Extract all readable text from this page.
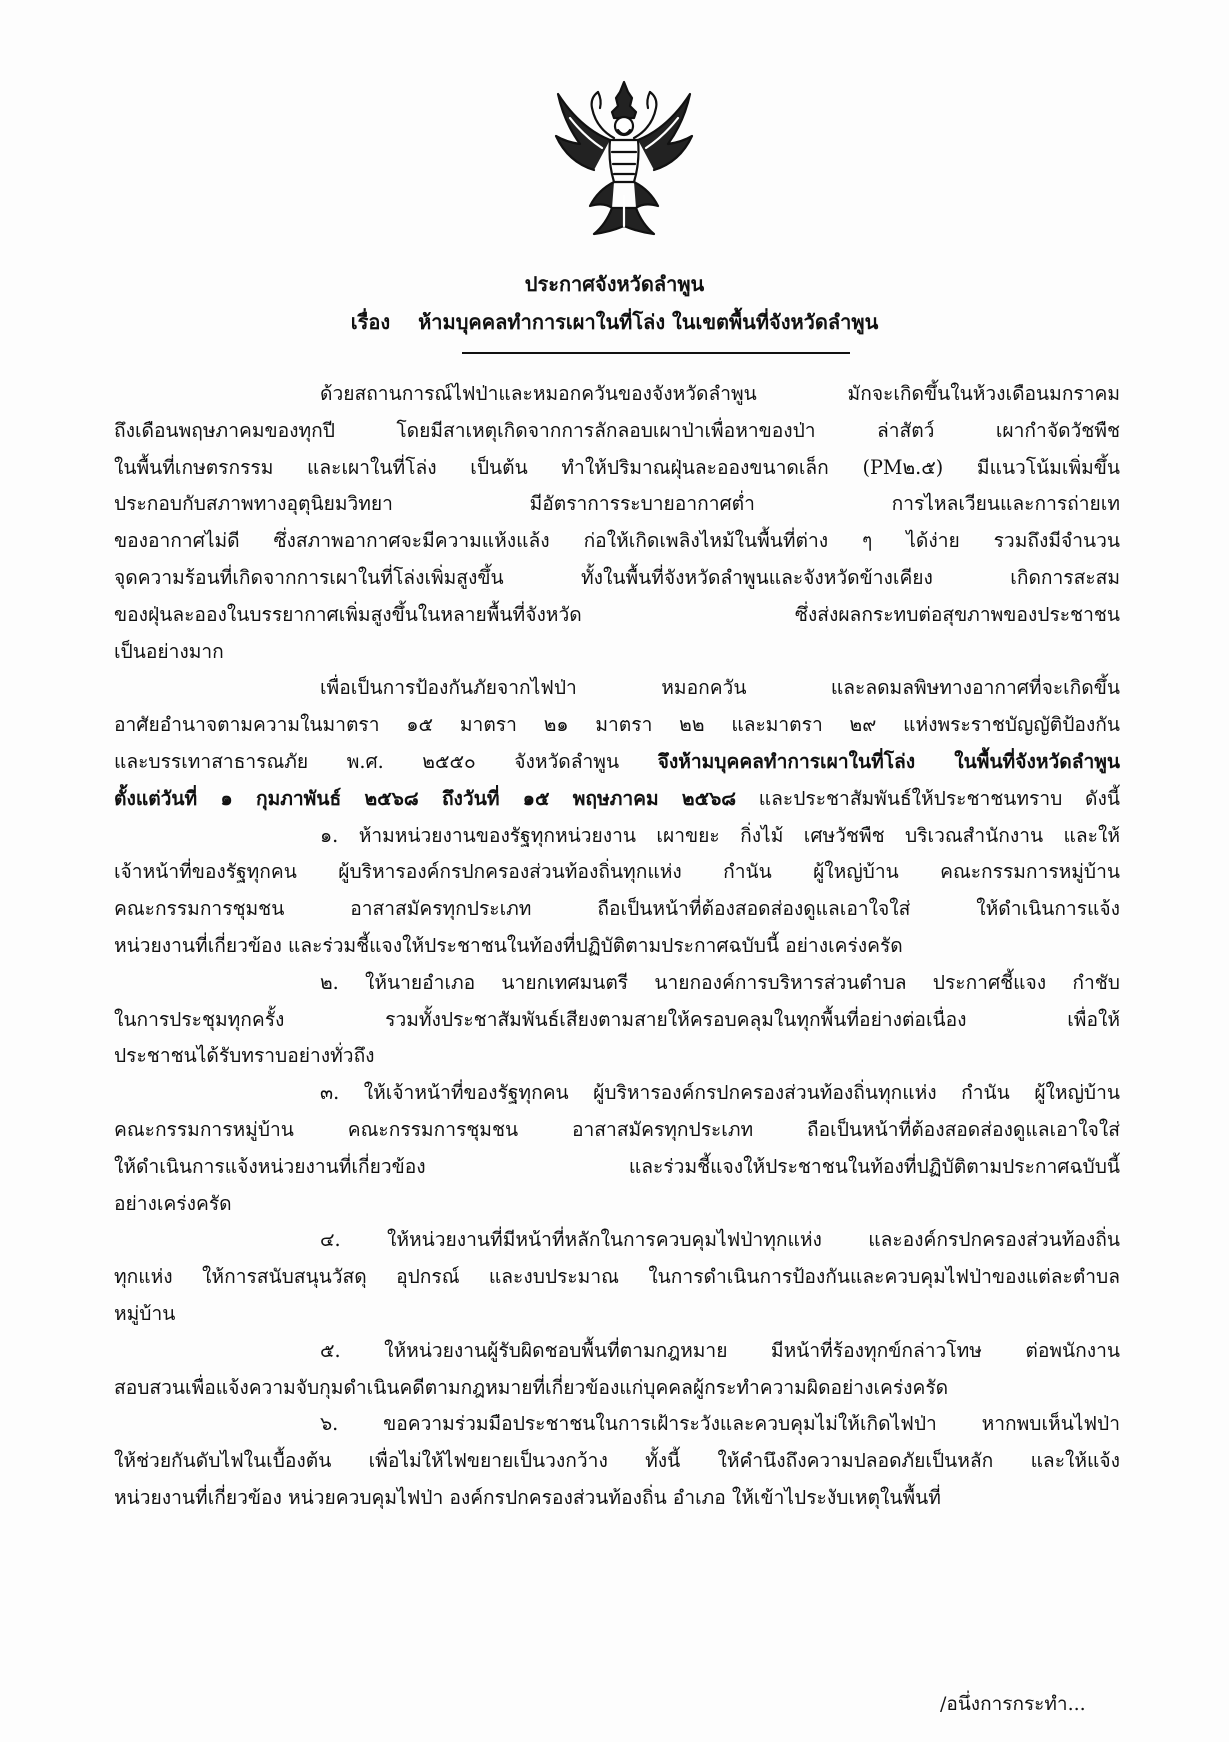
ประกาศจังหวัดลำพูน
เรื่อง ห้ามบุคคลทำการเผาในที่โล่ง ในเขตพื้นที่จังหวัดลำพูน
ด้วยสถานการณ์ไฟป่าและหมอกควันของจังหวัดลำพูน มักจะเกิดขึ้นในห้วงเดือนมกราคม
ถึงเดือนพฤษภาคมของทุกปี โดยมีสาเหตุเกิดจากการลักลอบเผาป่าเพื่อหาของป่า ล่าสัตว์ เผากำจัดวัชพืช
ในพื้นที่เกษตรกรรม และเผาในที่โล่ง เป็นต้น ทำให้ปริมาณฝุ่นละอองขนาดเล็ก (PM๒.๕) มีแนวโน้มเพิ่มขึ้น
ประกอบกับสภาพทางอุตุนิยมวิทยา มีอัตราการระบายอากาศต่ำ การไหลเวียนและการถ่ายเท
ของอากาศไม่ดี ซึ่งสภาพอากาศจะมีความแห้งแล้ง ก่อให้เกิดเพลิงไหม้ในพื้นที่ต่าง ๆ ได้ง่าย รวมถึงมีจำนวน
จุดความร้อนที่เกิดจากการเผาในที่โล่งเพิ่มสูงขึ้น ทั้งในพื้นที่จังหวัดลำพูนและจังหวัดข้างเคียง เกิดการสะสม
ของฝุ่นละอองในบรรยากาศเพิ่มสูงขึ้นในหลายพื้นที่จังหวัด ซึ่งส่งผลกระทบต่อสุขภาพของประชาชน
เป็นอย่างมาก
เพื่อเป็นการป้องกันภัยจากไฟป่า หมอกควัน และลดมลพิษทางอากาศที่จะเกิดขึ้น
อาศัยอำนาจตามความในมาตรา ๑๕ มาตรา ๒๑ มาตรา ๒๒ และมาตรา ๒๙ แห่งพระราชบัญญัติป้องกัน
และบรรเทาสาธารณภัย พ.ศ. ๒๕๕๐ จังหวัดลำพูน จึงห้ามบุคคลทำการเผาในที่โล่ง ในพื้นที่จังหวัดลำพูน
ตั้งแต่วันที่ ๑ กุมภาพันธ์ ๒๕๖๘ ถึงวันที่ ๑๕ พฤษภาคม ๒๕๖๘ และประชาสัมพันธ์ให้ประชาชนทราบ ดังนี้
๑. ห้ามหน่วยงานของรัฐทุกหน่วยงาน เผาขยะ กิ่งไม้ เศษวัชพืช บริเวณสำนักงาน และให้
เจ้าหน้าที่ของรัฐทุกคน ผู้บริหารองค์กรปกครองส่วนท้องถิ่นทุกแห่ง กำนัน ผู้ใหญ่บ้าน คณะกรรมการหมู่บ้าน
คณะกรรมการชุมชน อาสาสมัครทุกประเภท ถือเป็นหน้าที่ต้องสอดส่องดูแลเอาใจใส่ ให้ดำเนินการแจ้ง
หน่วยงานที่เกี่ยวข้อง และร่วมชี้แจงให้ประชาชนในท้องที่ปฏิบัติตามประกาศฉบับนี้ อย่างเคร่งครัด
๒. ให้นายอำเภอ นายกเทศมนตรี นายกองค์การบริหารส่วนตำบล ประกาศชี้แจง กำชับ
ในการประชุมทุกครั้ง รวมทั้งประชาสัมพันธ์เสียงตามสายให้ครอบคลุมในทุกพื้นที่อย่างต่อเนื่อง เพื่อให้
ประชาชนได้รับทราบอย่างทั่วถึง
๓. ให้เจ้าหน้าที่ของรัฐทุกคน ผู้บริหารองค์กรปกครองส่วนท้องถิ่นทุกแห่ง กำนัน ผู้ใหญ่บ้าน
คณะกรรมการหมู่บ้าน คณะกรรมการชุมชน อาสาสมัครทุกประเภท ถือเป็นหน้าที่ต้องสอดส่องดูแลเอาใจใส่
ให้ดำเนินการแจ้งหน่วยงานที่เกี่ยวข้อง และร่วมชี้แจงให้ประชาชนในท้องที่ปฏิบัติตามประกาศฉบับนี้
อย่างเคร่งครัด
๔. ให้หน่วยงานที่มีหน้าที่หลักในการควบคุมไฟป่าทุกแห่ง และองค์กรปกครองส่วนท้องถิ่น
ทุกแห่ง ให้การสนับสนุนวัสดุ อุปกรณ์ และงบประมาณ ในการดำเนินการป้องกันและควบคุมไฟป่าของแต่ละตำบล
หมู่บ้าน
๕. ให้หน่วยงานผู้รับผิดชอบพื้นที่ตามกฎหมาย มีหน้าที่ร้องทุกข์กล่าวโทษ ต่อพนักงาน
สอบสวนเพื่อแจ้งความจับกุมดำเนินคดีตามกฎหมายที่เกี่ยวข้องแก่บุคคลผู้กระทำความผิดอย่างเคร่งครัด
๖. ขอความร่วมมือประชาชนในการเฝ้าระวังและควบคุมไม่ให้เกิดไฟป่า หากพบเห็นไฟป่า
ให้ช่วยกันดับไฟในเบื้องต้น เพื่อไม่ให้ไฟขยายเป็นวงกว้าง ทั้งนี้ ให้คำนึงถึงความปลอดภัยเป็นหลัก และให้แจ้ง
หน่วยงานที่เกี่ยวข้อง หน่วยควบคุมไฟป่า องค์กรปกครองส่วนท้องถิ่น อำเภอ ให้เข้าไประงับเหตุในพื้นที่
/อนึ่งการกระทำ...
